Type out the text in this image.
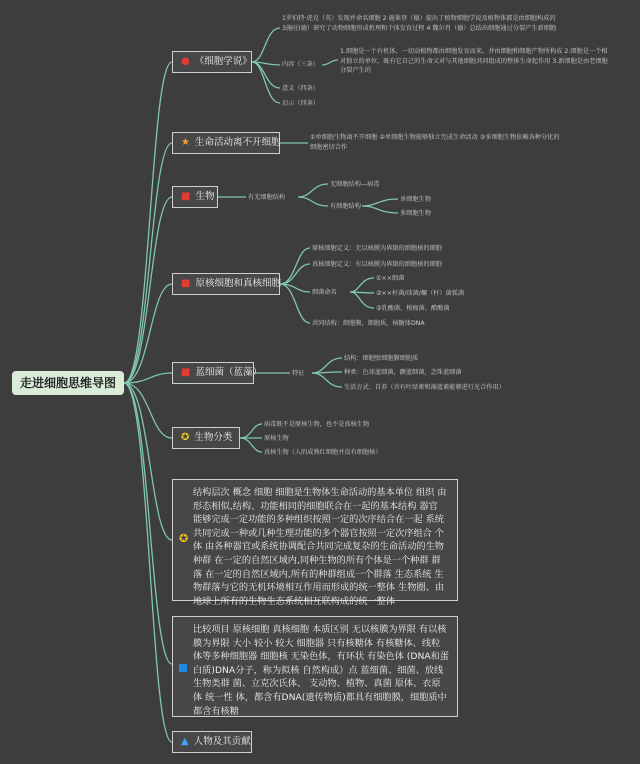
走进细胞思维导图
● 《细胞学说》
1罗伯特·虎克（英）发现并命名细胞 2 施莱登（德）提出了植物细胞学说及植物体都是由细胞构成的 3施旺(德）研究了动物细胞形成机理和个体发育过程 4 魏尔肖（德）总结出细胞通过分裂产生新细胞
内容（三条）
1.细胞是一个有机体，一切动植物都由细胞发育而来，并由细胞和细胞产物所构成 2.细胞是一个相对独立的单位，既有它自己的生命又对与其他细胞共同组成的整体生命起作用 3.新细胞是由老细胞分裂产生的
意义（四条）
启示（四条）
★ 生命活动离不开细胞	①单细胞生物离不开细胞 ②单细胞生物能够独立完成生命活动 ③多细胞生物依赖各种分化的细胞密切合作
■ 生物	有无细胞结构
无细胞结构—病毒
有细胞结构
单细胞生物
多细胞生物
■ 原核细胞和真核细胞
原核细胞定义：无以核膜为界限的细胞核的细胞
真核细胞定义：有以核膜为界限的细胞核的细胞
细菌命名
①××细菌
②××杆菌/球菌/螺（杆）菌弧菌
③乳酸菌、根瘤菌、醋酸菌
共同结构：细胞膜，细胞质，核糖体DNA
■ 蓝细菌（蓝藻）	特征
结构：细胞壁细胞膜细胞质
种类：色球蓝细菌，颤蓝细菌，念珠蓝细菌
生活方式：自养（含有叶绿素和藻蓝素能够进行光合作用）
✪ 生物分类
病毒既不是原核生物，也不是真核生物
原核生物
真核生物（人的成熟红细胞并没有细胞核）
✪
结构层次 概念 细胞 细胞是生物体生命活动的基本单位 组织 由形态相似,结构、功能相同的细胞联合在一起的基本结构 器官 能够完成一定功能的多种组织按照一定的次序结合在一起 系统 共同完成一种或几种生理功能的多个器官按照一定次序组合 个体 由各种器官或系统协调配合共同完成复杂的生命活动的生物 种群 在一定的自然区域内,同种生物的所有个体是一个种群 群落 在一定的自然区域内,所有的种群组成一个群落 生态系统 生物群落与它的无机环境相互作用而形成的统一整体 生物圈、由地球上所有的生物生态系统相互联构成的统一整体
比较项目 原核细胞 真核细胞 本质区别 无以核膜为界限 有以核膜为界限 大小 较小 较大 细胞器 只有核糖体 有核糖体、线粒体等多种细胞器 细胞核 无染色体，有环状 有染色体 (DNA和蛋白质)DNA分子，称为拟核 自然构成）点 蓝细菌、细菌、放线 生物类群 菌、立克次氏体、 支动物、植物、真菌 原体、衣原体 统一性 体，都含有DNA(遗传物质)都具有细胞膜，细胞质中都含有核糖
▲ 人物及其贡献
